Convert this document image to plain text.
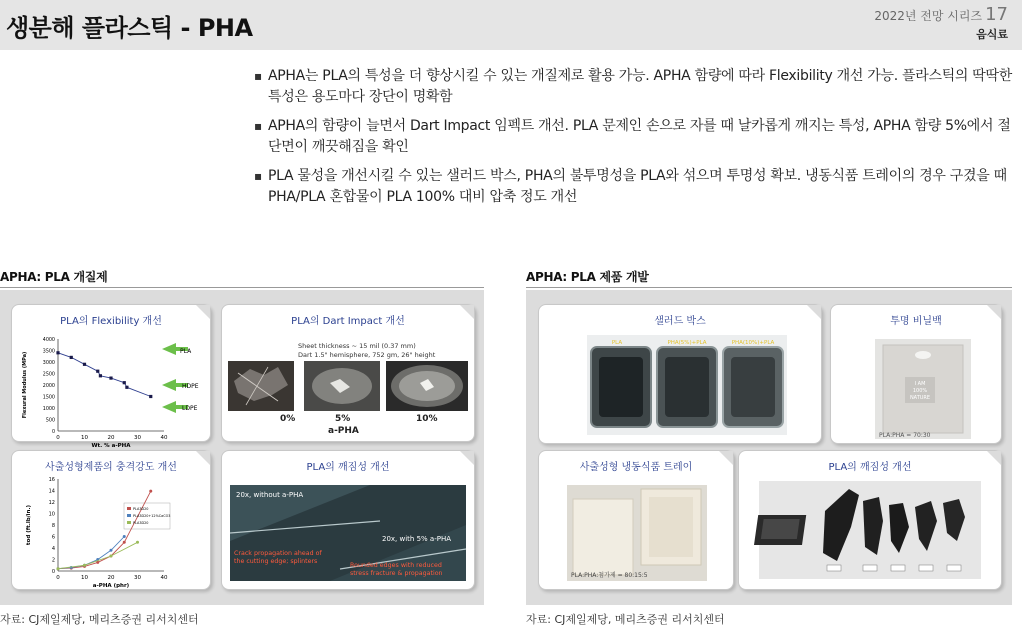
생분해 플라스틱 - PHA	2022년 전망 시리즈 17
음식료
▪ APHA는 PLA의 특성을 더 향상시킬 수 있는 개질제로 활용 가능. APHA 함량에 따라 Flexibility 개선 가능. 플라스틱의 딱딱한 특성은 용도마다 장단이 명확함
▪ APHA의 함량이 늘면서 Dart Impact 임펙트 개선. PLA 문제인 손으로 자를 때 날카롭게 깨지는 특성, APHA 함량 5%에서 절단면이 깨끗해짐을 확인
▪ PLA 물성을 개선시킬 수 있는 샐러드 박스, PHA의 불투명성을 PLA와 섞으며 투명성 확보. 냉동식품 트레이의 경우 구겼을 때 PHA/PLA 혼합물이 PLA 100% 대비 압축 정도 개선
APHA: PLA 개질제
PLA의 Flexibility 개선
Flexural Modulus (MPa)
Wt. % a-PHA
PLA
HDPE
LDPE
0	10	20	30	40
0
500
1000
1500
2000
2500
3000
3500
4000
PLA의 Dart Impact 개선
Sheet thickness ~ 15 mil (0.37 mm)
Dart 1.5" hemisphere, 752 gm, 26" height
0%	5%	10%
a-PHA
사출성형제품의 충격강도 개선
tod (ft.lb/in.)
a-PHA (phr)
0	10	20	30	40
0
2
4
6
8
10
12
14
16
PLA3D20
PLA3D20+12%CaCO3
PLA3D20
PLA의 깨짐성 개선
20x, without a-PHA
20x, with 5% a-PHA
Crack propagation ahead of
the cutting edge; splinters
Rounded edges with reduced
stress fracture & propagation
자료: CJ제일제당, 메리츠증권 리서치센터
APHA: PLA 제품 개발
샐러드 박스
PLA	PHA(5%)+PLA	PHA(10%)+PLA
투명 비닐백
I AM
100%
NATURE
PLA:PHA = 70:30
사출성형 냉동식품 트레이
PLA:PHA:첨가제 = 80:15:5
PLA의 깨짐성 개선
자료: CJ제일제당, 메리츠증권 리서치센터
